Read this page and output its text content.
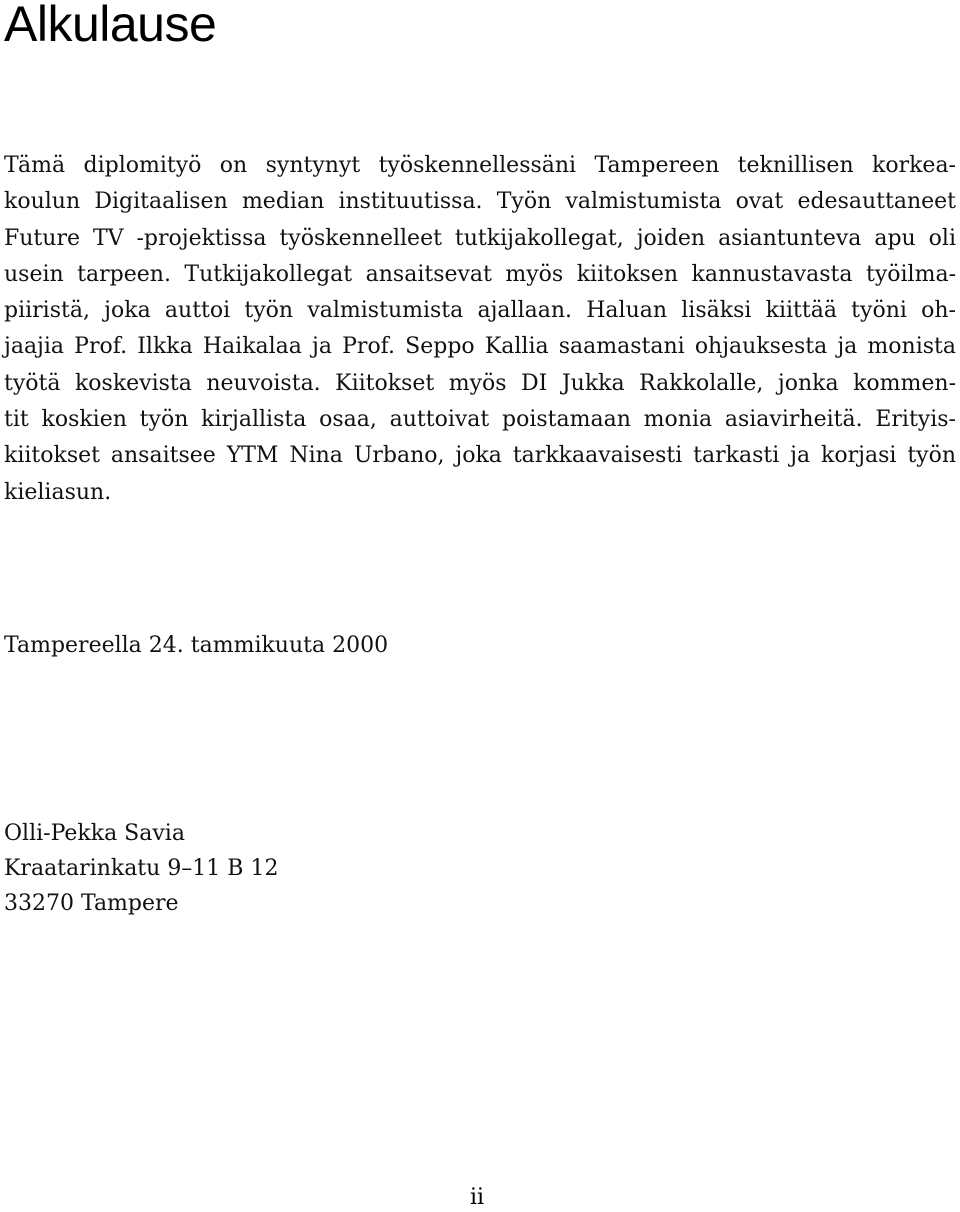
Alkulause
Tämä diplomityö on syntynyt työskennellessäni Tampereen teknillisen korkea-
koulun Digitaalisen median instituutissa. Työn valmistumista ovat edesauttaneet
Future TV -projektissa työskennelleet tutkijakollegat, joiden asiantunteva apu oli
usein tarpeen. Tutkijakollegat ansaitsevat myös kiitoksen kannustavasta työilma-
piiristä, joka auttoi työn valmistumista ajallaan. Haluan lisäksi kiittää työni oh-
jaajia Prof. Ilkka Haikalaa ja Prof. Seppo Kallia saamastani ohjauksesta ja monista
työtä koskevista neuvoista. Kiitokset myös DI Jukka Rakkolalle, jonka kommen-
tit koskien työn kirjallista osaa, auttoivat poistamaan monia asiavirheitä. Erityis-
kiitokset ansaitsee YTM Nina Urbano, joka tarkkaavaisesti tarkasti ja korjasi työn
kieliasun.

Tampereella 24. tammikuuta 2000

Olli-Pekka Savia
Kraatarinkatu 9–11 B 12
33270 Tampere
ii
